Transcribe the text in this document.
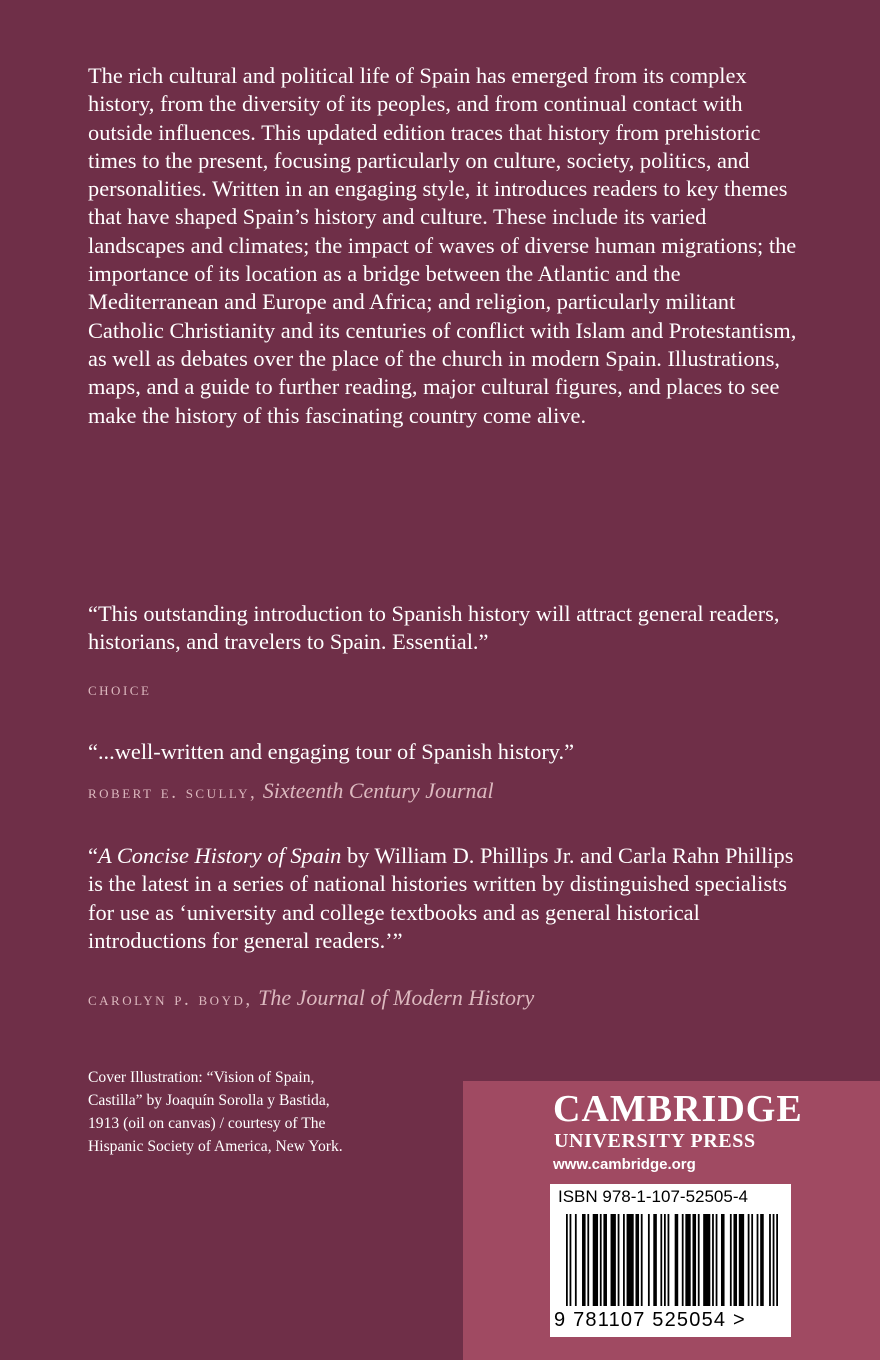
The rich cultural and political life of Spain has emerged from its complex history, from the diversity of its peoples, and from continual contact with outside influences. This updated edition traces that history from prehistoric times to the present, focusing particularly on culture, society, politics, and personalities. Written in an engaging style, it introduces readers to key themes that have shaped Spain’s history and culture. These include its varied landscapes and climates; the impact of waves of diverse human migrations; the importance of its location as a bridge between the Atlantic and the Mediterranean and Europe and Africa; and religion, particularly militant Catholic Christianity and its centuries of conflict with Islam and Protestantism, as well as debates over the place of the church in modern Spain. Illustrations, maps, and a guide to further reading, major cultural figures, and places to see make the history of this fascinating country come alive.

“This outstanding introduction to Spanish history will attract general readers, historians, and travelers to Spain. Essential.”

choice

“...well-written and engaging tour of Spanish history.”

robert e. scully, Sixteenth Century Journal

“A Concise History of Spain by William D. Phillips Jr. and Carla Rahn Phillips is the latest in a series of national histories written by distinguished specialists for use as ‘university and college textbooks and as general historical introductions for general readers.’”

carolyn p. boyd, The Journal of Modern History

Cover Illustration: “Vision of Spain,
Castilla” by Joaquín Sorolla y Bastida,
1913 (oil on canvas) / courtesy of The
Hispanic Society of America, New York.

CAMBRIDGE
UNIVERSITY PRESS
www.cambridge.org
ISBN 978-1-107-52505-4
9 781107 525054 >
